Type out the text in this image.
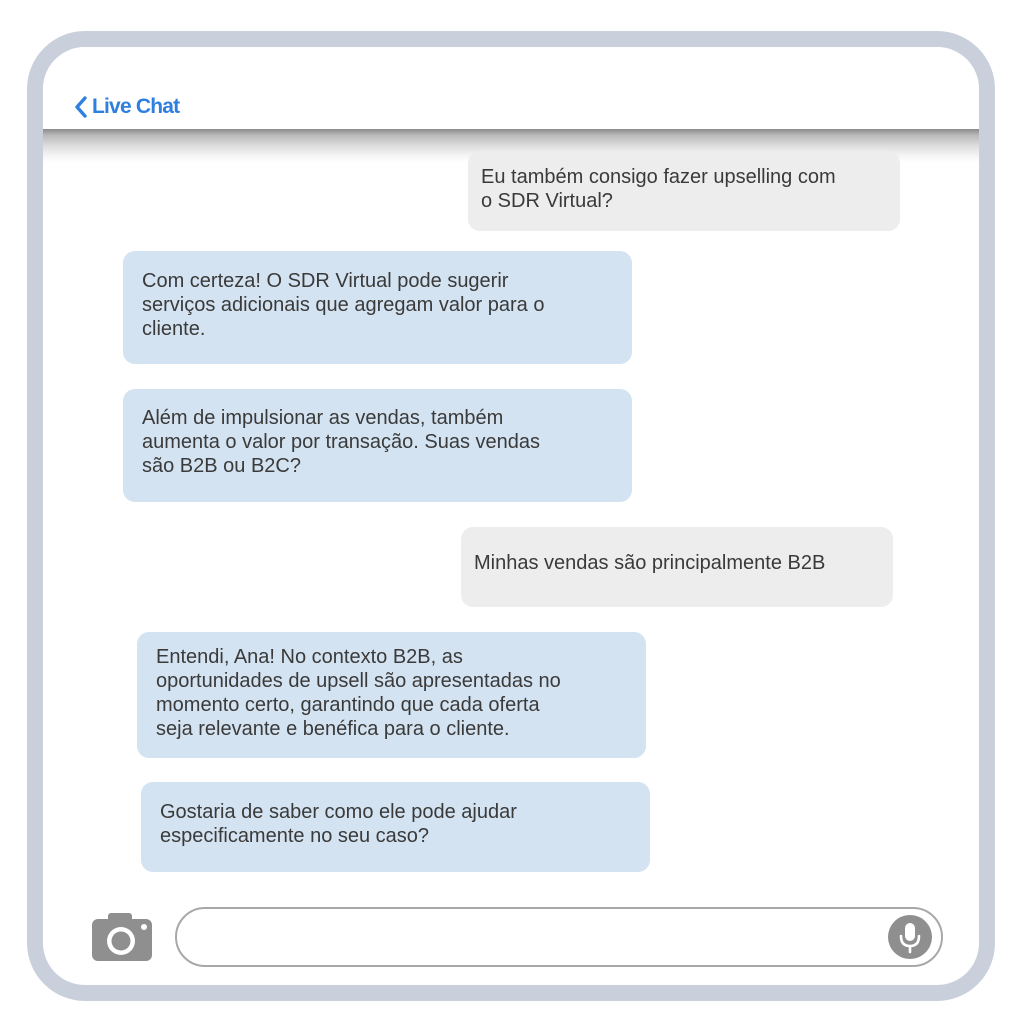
Live Chat
Eu também consigo fazer upselling com
o SDR Virtual?
Com certeza! O SDR Virtual pode sugerir
serviços adicionais que agregam valor para o
cliente.
Além de impulsionar as vendas, também
aumenta o valor por transação. Suas vendas
são B2B ou B2C?
Minhas vendas são principalmente B2B
Entendi, Ana! No contexto B2B, as
oportunidades de upsell são apresentadas no
momento certo, garantindo que cada oferta
seja relevante e benéfica para o cliente.
Gostaria de saber como ele pode ajudar
especificamente no seu caso?
